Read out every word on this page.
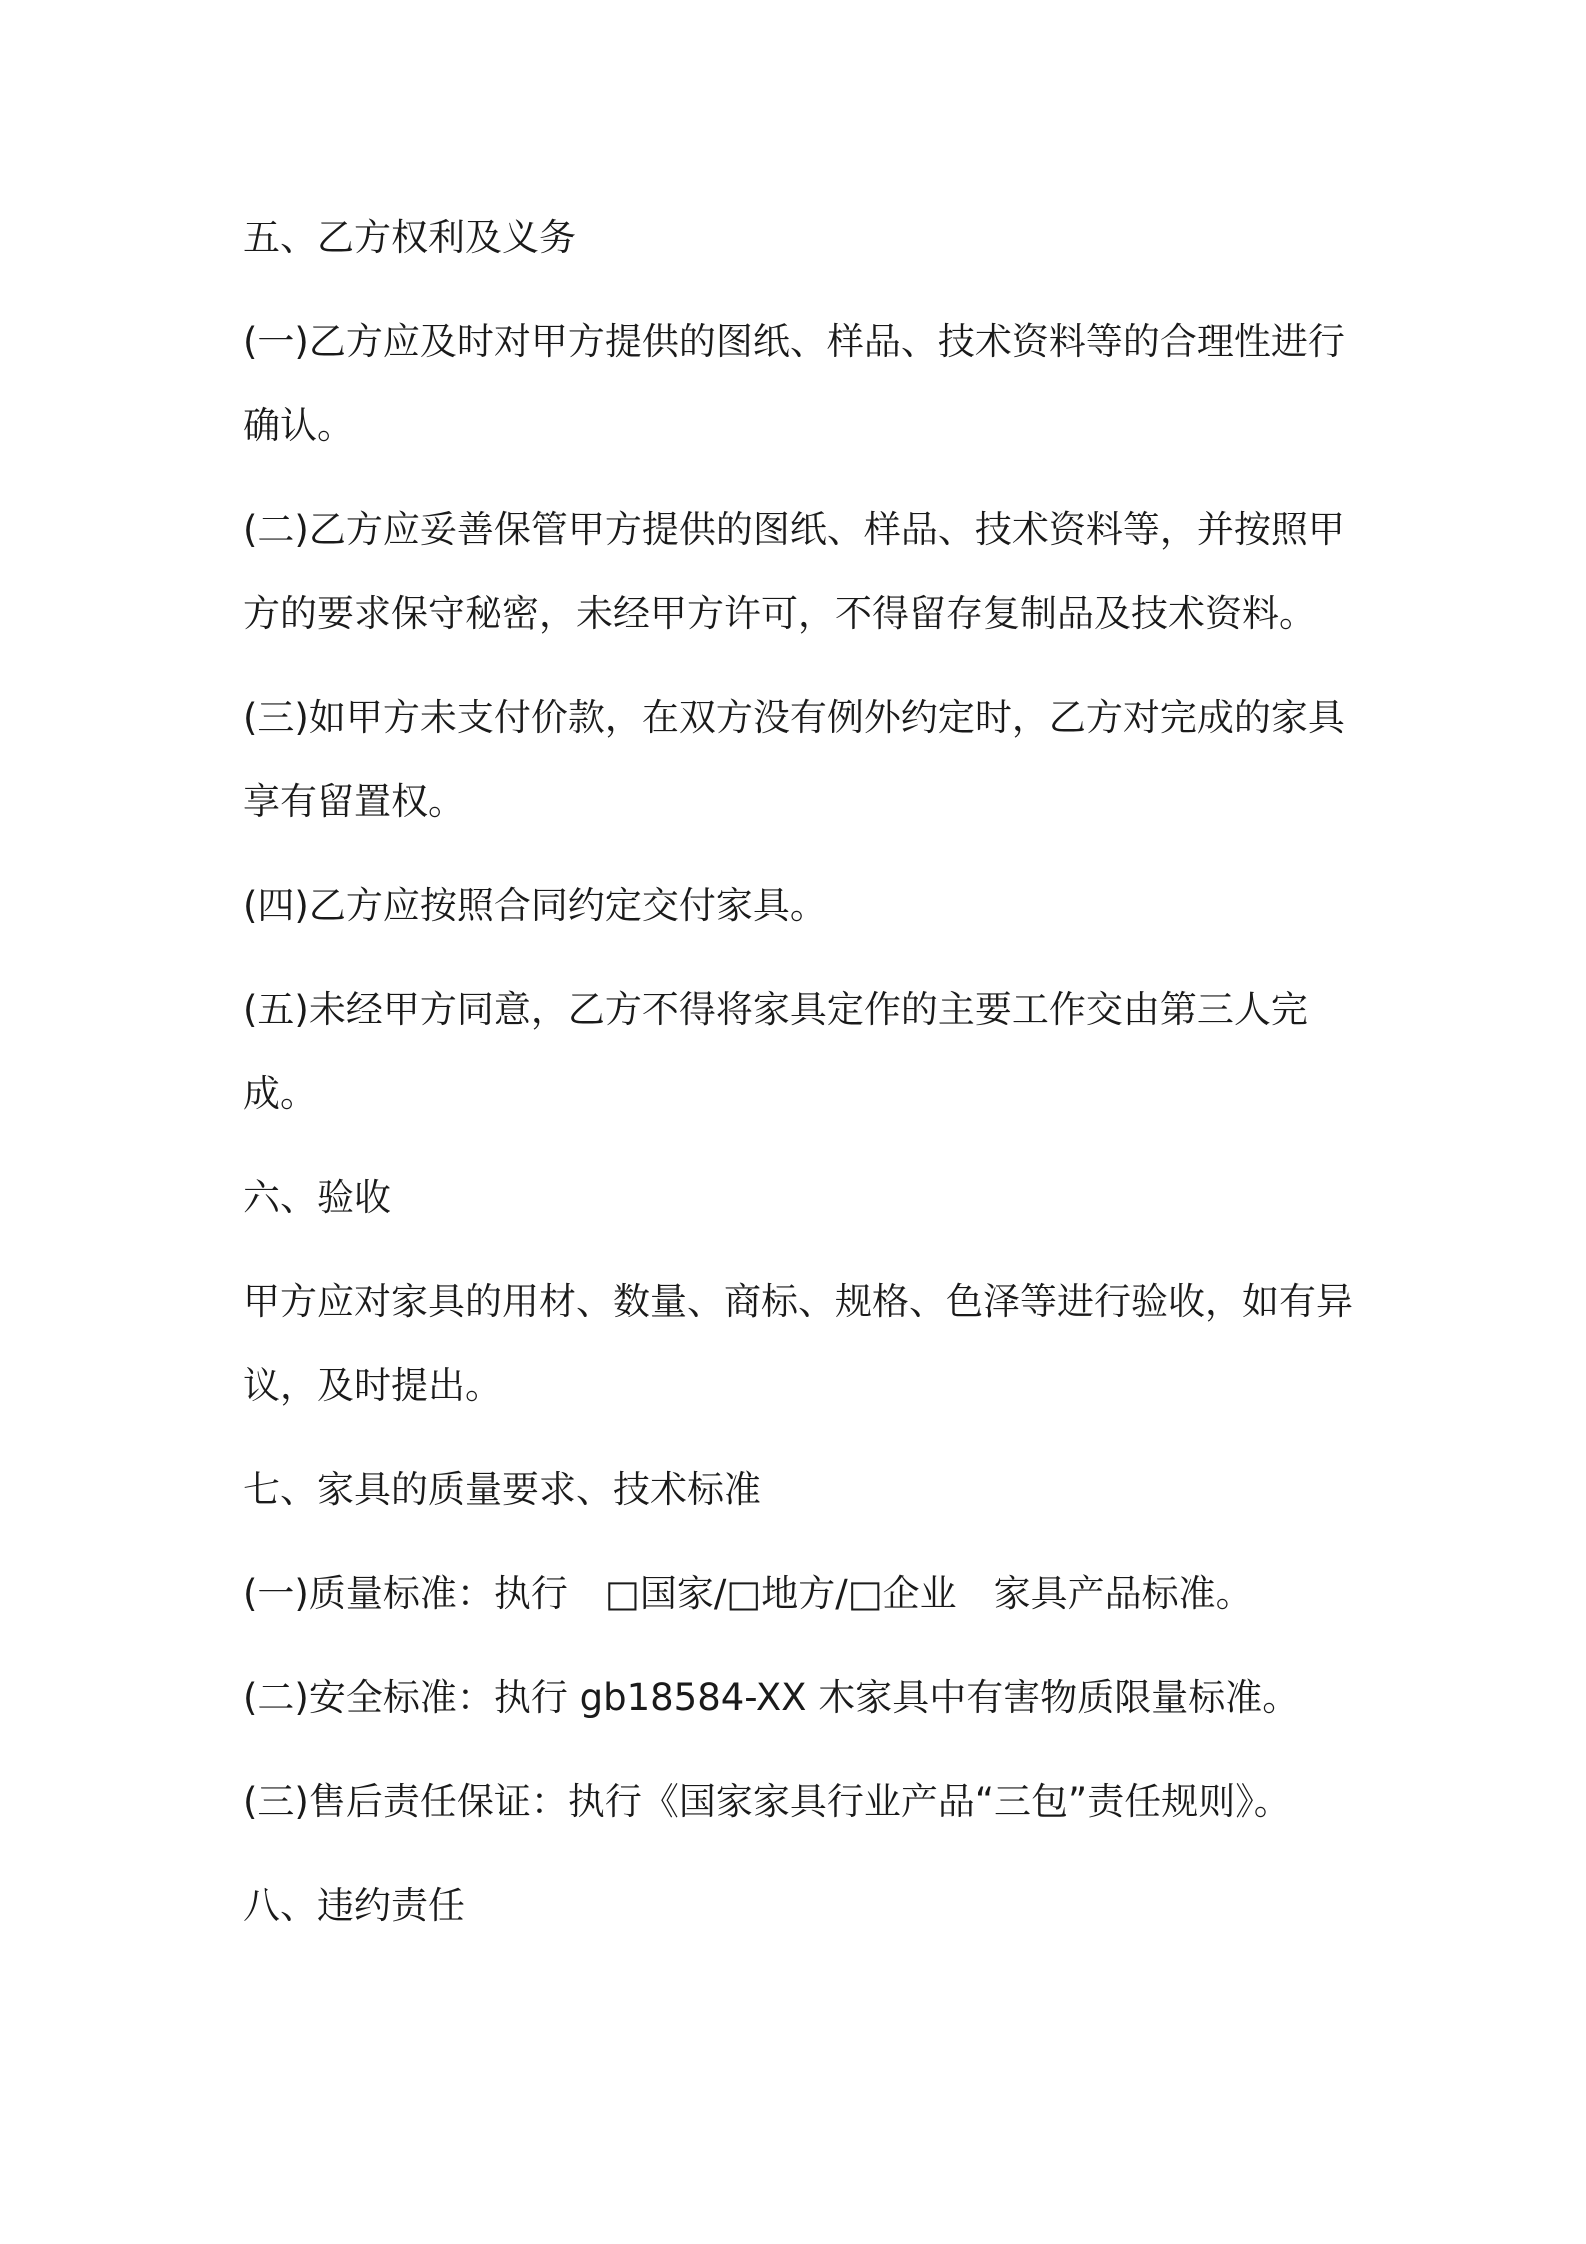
五、乙方权利及义务

(一)乙方应及时对甲方提供的图纸、样品、技术资料等的合理性进行确认。

(二)乙方应妥善保管甲方提供的图纸、样品、技术资料等，并按照甲方的要求保守秘密，未经甲方许可，不得留存复制品及技术资料。

(三)如甲方未支付价款，在双方没有例外约定时，乙方对完成的家具享有留置权。

(四)乙方应按照合同约定交付家具。

(五)未经甲方同意，乙方不得将家具定作的主要工作交由第三人完成。

六、验收

甲方应对家具的用材、数量、商标、规格、色泽等进行验收，如有异议，及时提出。

七、家具的质量要求、技术标准

(一)质量标准：执行　□国家/□地方/□企业　家具产品标准。

(二)安全标准：执行 gb18584-XX 木家具中有害物质限量标准。

(三)售后责任保证：执行《国家家具行业产品“三包”责任规则》。

八、违约责任
